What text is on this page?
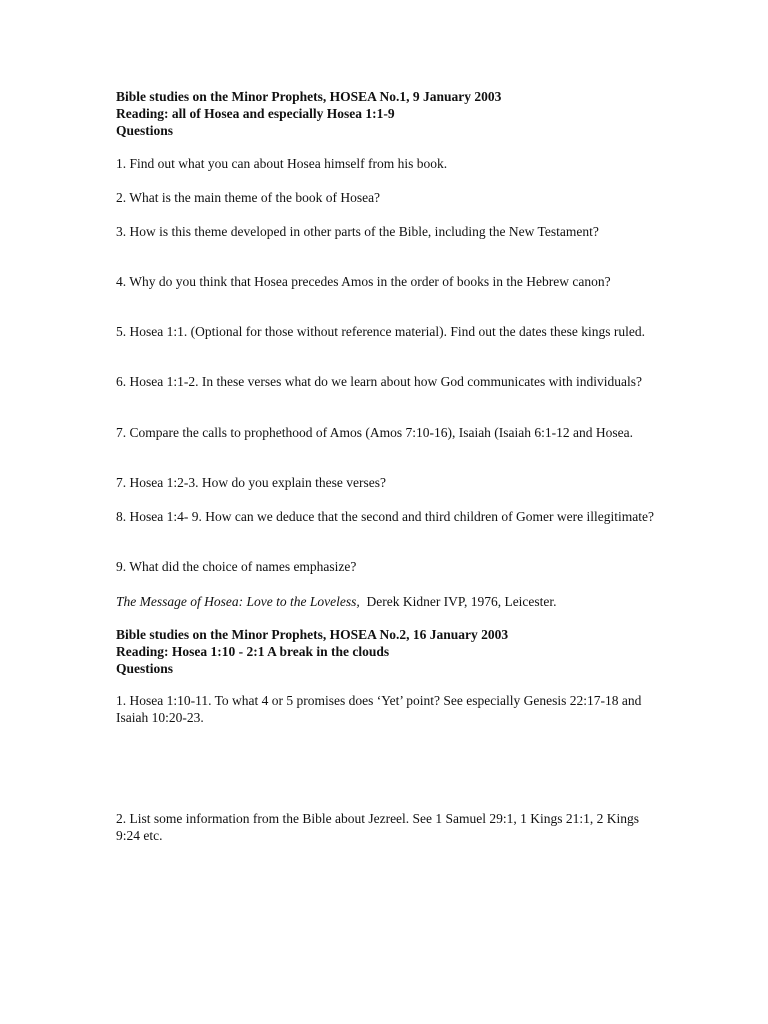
Bible studies on the Minor Prophets, HOSEA No.1, 9 January 2003

Reading: all of Hosea and especially Hosea 1:1-9

Questions

1. Find out what you can about Hosea himself from his book.

2. What is the main theme of the book of Hosea?

3. How is this theme developed in other parts of the Bible, including the New Testament?

4. Why do you think that Hosea precedes Amos in the order of books in the Hebrew canon?

5. Hosea 1:1. (Optional for those without reference material). Find out the dates these kings ruled.

6. Hosea 1:1-2. In these verses what do we learn about how God communicates with individuals?

7. Compare the calls to prophethood of Amos (Amos 7:10-16), Isaiah (Isaiah 6:1-12 and Hosea.

7. Hosea 1:2-3. How do you explain these verses?

8. Hosea 1:4- 9. How can we deduce that the second and third children of Gomer were illegitimate?

9. What did the choice of names emphasize?

The Message of Hosea: Love to the Loveless, Derek Kidner IVP, 1976, Leicester.

Bible studies on the Minor Prophets, HOSEA No.2, 16 January 2003

Reading: Hosea 1:10 - 2:1 A break in the clouds

Questions

1. Hosea 1:10-11. To what 4 or 5 promises does ‘Yet’ point? See especially Genesis 22:17-18 and Isaiah 10:20-23.

2. List some information from the Bible about Jezreel. See 1 Samuel 29:1, 1 Kings 21:1, 2 Kings 9:24 etc.
